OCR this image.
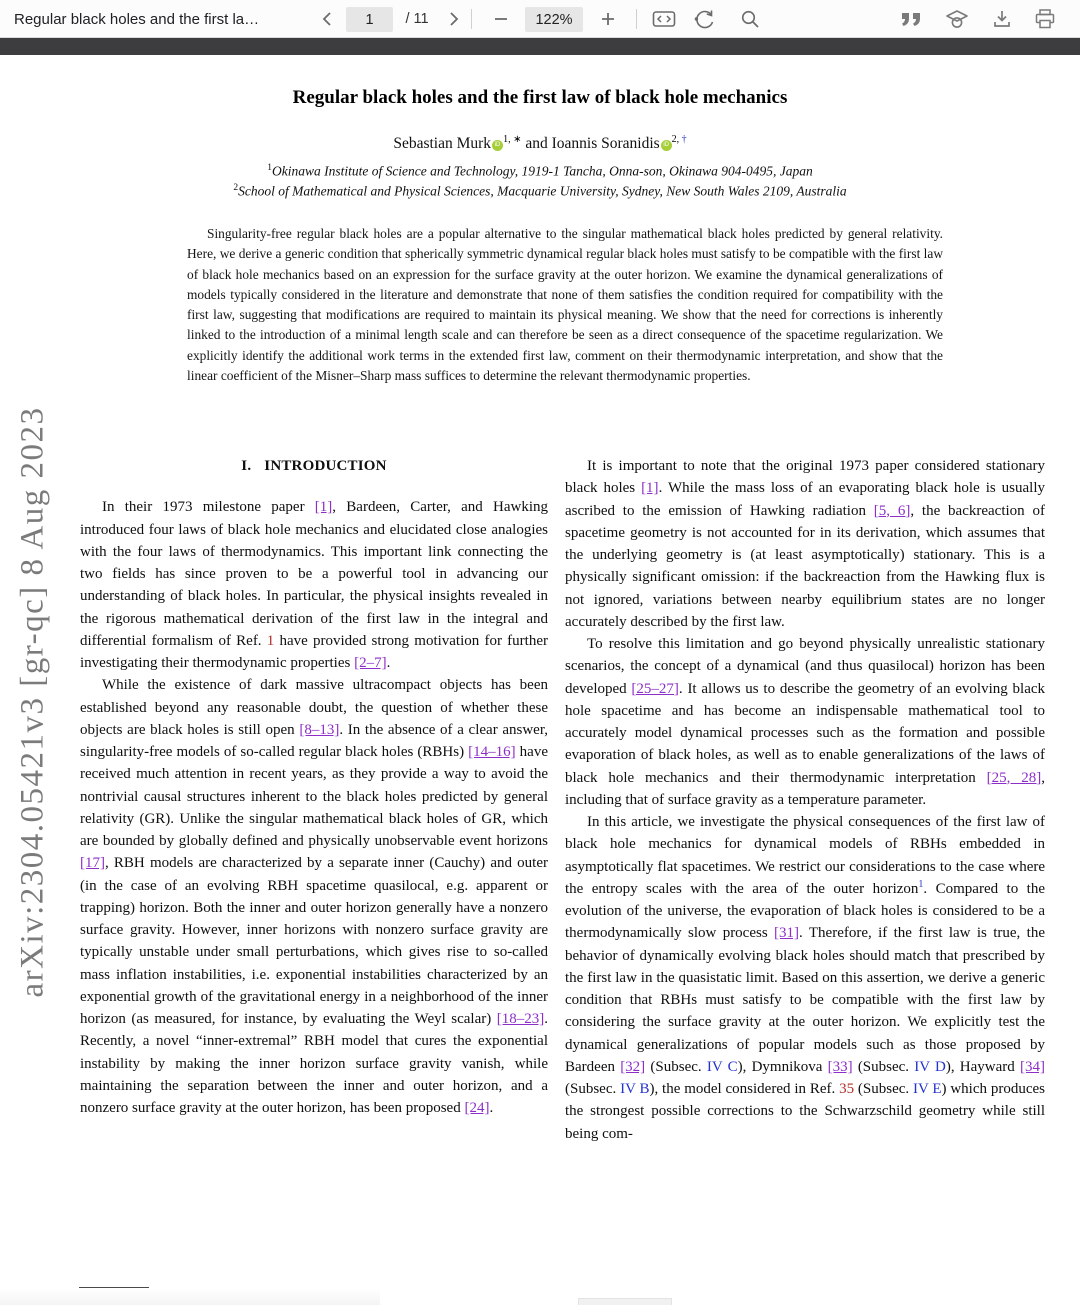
Regular black holes and the first la…	1	/ 11	122%
arXiv:2304.05421v3 [gr-qc] 8 Aug 2023
Regular black holes and the first law of black hole mechanics
Sebastian Murk $iD^{1, ∗}$ and Ioannis Soranidis $iD^{2,}$ †
$^1$Okinawa Institute of Science and Technology, 1919-1 Tancha, Onna-son, Okinawa 904-0495, Japan
$^2$School of Mathematical and Physical Sciences, Macquarie University, Sydney, New South Wales 2109, Australia
Singularity-free regular black holes are a popular alternative to the singular mathematical black holes predicted by general relativity. Here, we derive a generic condition that spherically symmetric dynamical regular black holes must satisfy to be compatible with the first law of black hole mechanics based on an expression for the surface gravity at the outer horizon. We examine the dynamical generalizations of models typically considered in the literature and demonstrate that none of them satisfies the condition required for compatibility with the first law, suggesting that modifications are required to maintain its physical meaning. We show that the need for corrections is inherently linked to the introduction of a minimal length scale and can therefore be seen as a direct consequence of the spacetime regularization. We explicitly identify the additional work terms in the extended first law, comment on their thermodynamic interpretation, and show that the linear coefficient of the Misner–Sharp mass suffices to determine the relevant thermodynamic properties.
I. INTRODUCTION

In their 1973 milestone paper [1], Bardeen, Carter, and Hawking introduced four laws of black hole mechanics and elucidated close analogies with the four laws of thermodynamics. This important link connecting the two fields has since proven to be a powerful tool in advancing our understanding of black holes. In particular, the physical insights revealed in the rigorous mathematical derivation of the first law in the integral and differential formalism of Ref. 1 have provided strong motivation for further investigating their thermodynamic properties [2–7].

While the existence of dark massive ultracompact objects has been established beyond any reasonable doubt, the question of whether these objects are black holes is still open [8–13]. In the absence of a clear answer, singularity-free models of so-called regular black holes (RBHs) [14–16] have received much attention in recent years, as they provide a way to avoid the nontrivial causal structures inherent to the black holes predicted by general relativity (GR). Unlike the singular mathematical black holes of GR, which are bounded by globally defined and physically unobservable event horizons [17], RBH models are characterized by a separate inner (Cauchy) and outer (in the case of an evolving RBH spacetime quasilocal, e.g. apparent or trapping) horizon. Both the inner and outer horizon generally have a nonzero surface gravity. However, inner horizons with nonzero surface gravity are typically unstable under small perturbations, which gives rise to so-called mass inflation instabilities, i.e. exponential instabilities characterized by an exponential growth of the gravitational energy in a neighborhood of the inner horizon (as measured, for instance, by evaluating the Weyl scalar) [18–23]. Recently, a novel “inner-extremal” RBH model that cures the exponential instability by making the inner horizon surface gravity vanish, while maintaining the separation between the inner and outer horizon, and a nonzero surface gravity at the outer horizon, has been proposed [24].

It is important to note that the original 1973 paper considered stationary black holes [1]. While the mass loss of an evaporating black hole is usually ascribed to the emission of Hawking radiation [5, 6], the backreaction of spacetime geometry is not accounted for in its derivation, which assumes that the underlying geometry is (at least asymptotically) stationary. This is a physically significant omission: if the backreaction from the Hawking flux is not ignored, variations between nearby equilibrium states are no longer accurately described by the first law.

To resolve this limitation and go beyond physically unrealistic stationary scenarios, the concept of a dynamical (and thus quasilocal) horizon has been developed [25–27]. It allows us to describe the geometry of an evolving black hole spacetime and has become an indispensable mathematical tool to accurately model dynamical processes such as the formation and possible evaporation of black holes, as well as to enable generalizations of the laws of black hole mechanics and their thermodynamic interpretation [25, 28], including that of surface gravity as a temperature parameter.

In this article, we investigate the physical consequences of the first law of black hole mechanics for dynamical models of RBHs embedded in asymptotically flat spacetimes. We restrict our considerations to the case where the entropy scales with the area of the outer horizon$^1$. Compared to the evolution of the universe, the evaporation of black holes is considered to be a thermodynamically slow process [31]. Therefore, if the first law is true, the behavior of dynamically evolving black holes should match that prescribed by the first law in the quasistatic limit. Based on this assertion, we derive a generic condition that RBHs must satisfy to be compatible with the first law by considering the surface gravity at the outer horizon. We explicitly test the dynamical generalizations of popular models such as those proposed by Bardeen [32] (Subsec. IV C), Dymnikova [33] (Subsec. IV D), Hayward [34] (Subsec. IV B), the model considered in Ref. 35 (Subsec. IV E) which produces the strongest possible corrections to the Schwarzschild geometry while still being com-
